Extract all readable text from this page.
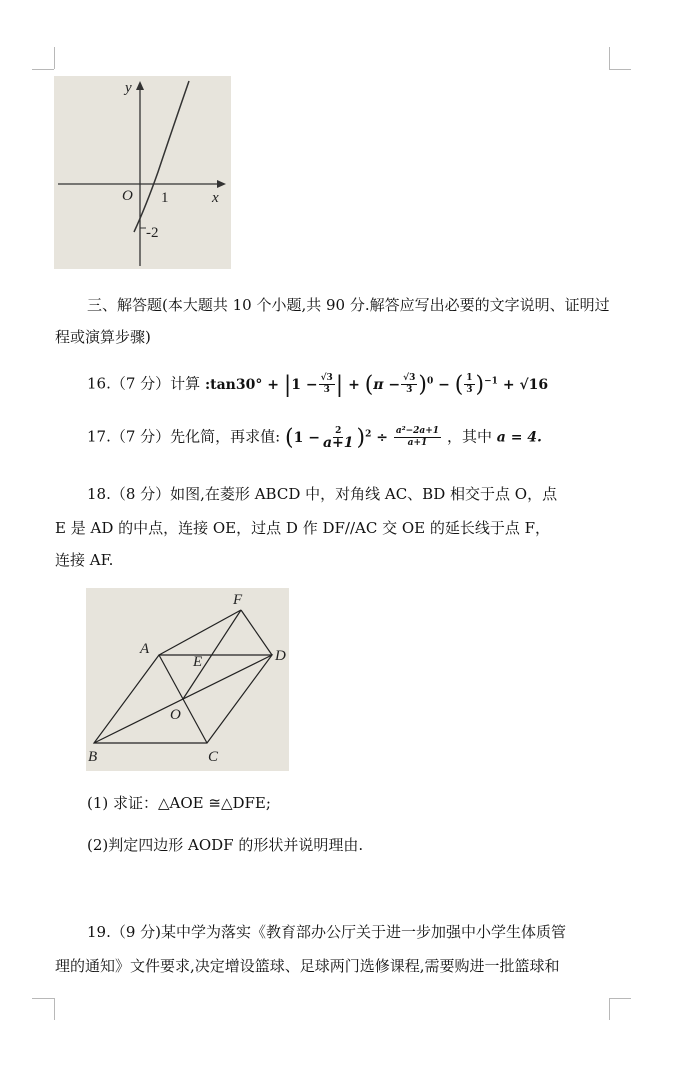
y
O	x
1
-2

三、解答题(本大题共 10 个小题,共 90 分.解答应写出必要的文字说明、证明过程或演算步骤)

16.（7 分）计算 :tan30° + $|1 - \frac{√3}{3}$ | + $(\pi - \frac{√3}{3} )^0$ − ( $\frac{1}{3} )^{-1} + √16$
17.（7 分）先化简，再求值: $(1 - \frac{2}{a+1} )^2 \div \frac{\text{a²−2a+1}}{a+1}$ ，其中 a = 4.

18.（8 分）如图,在菱形 ABCD 中，对角线 AC、BD 相交于点 O，点

E 是 AD 的中点，连接 OE，过点 D 作 DF//AC 交 OE 的延长线于点 F，

连接 AF.

F
A
E	D
O
B	C
(1) 求证：△AOE ≅△DFE;
(2)判定四边形 AODF 的形状并说明理由.

19.（9 分)某中学为落实《教育部办公厅关于进一步加强中小学生体质管

理的通知》文件要求,决定增设篮球、足球两门选修课程,需要购进一批篮球和
